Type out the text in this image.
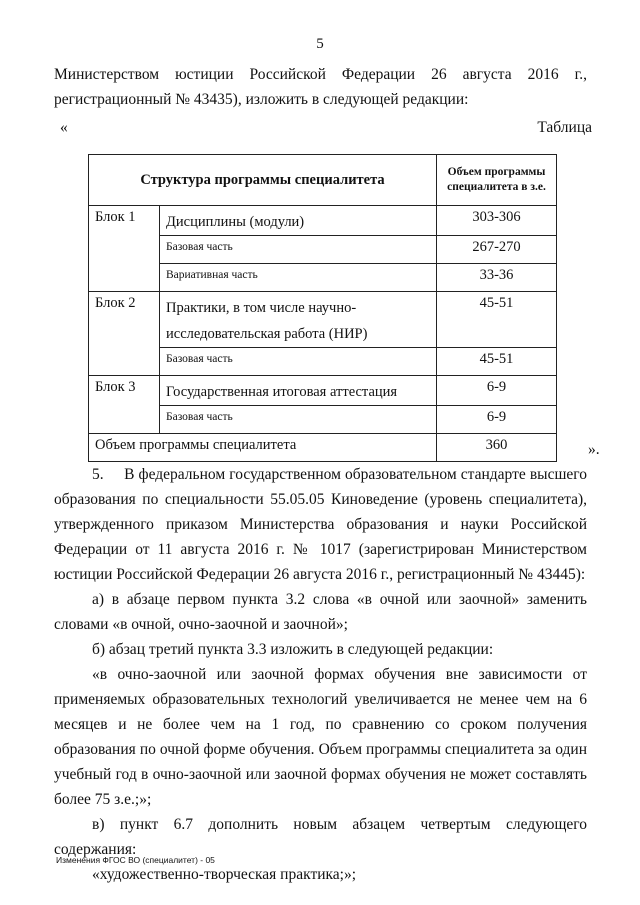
5
Министерством юстиции Российской Федерации 26 августа 2016 г.,
регистрационный № 43435), изложить в следующей редакции:
«	Таблица
Структура программы специалитета		Объем программы специалитета в з.е.
Блок 1	Дисциплины (модули)	303-306
	Базовая часть	267-270
	Вариативная часть	33-36
Блок 2	Практики, в том числе научно-исследовательская работа (НИР)	45-51
	Базовая часть	45-51
Блок 3	Государственная итоговая аттестация	6-9
	Базовая часть	6-9
Объем программы специалитета		360	».

5.     В федеральном государственном образовательном стандарте высшего образования по специальности 55.05.05 Киноведение (уровень специалитета), утвержденного приказом Министерства образования и науки Российской Федерации от 11 августа 2016 г. № 1017 (зарегистрирован Министерством юстиции Российской Федерации 26 августа 2016 г., регистрационный № 43445):

а) в абзаце первом пункта 3.2 слова «в очной или заочной» заменить словами «в очной, очно-заочной и заочной»;

б) абзац третий пункта 3.3 изложить в следующей редакции:

«в очно-заочной или заочной формах обучения вне зависимости от применяемых образовательных технологий увеличивается не менее чем на 6 месяцев и не более чем на 1 год, по сравнению со сроком получения образования по очной форме обучения. Объем программы специалитета за один учебный год в очно-заочной или заочной формах обучения не может составлять более 75 з.е.;»;

в) пункт 6.7 дополнить новым абзацем четвертым следующего содержания:

«художественно-творческая практика;»;

Изменения ФГОС ВО (специалитет) - 05
